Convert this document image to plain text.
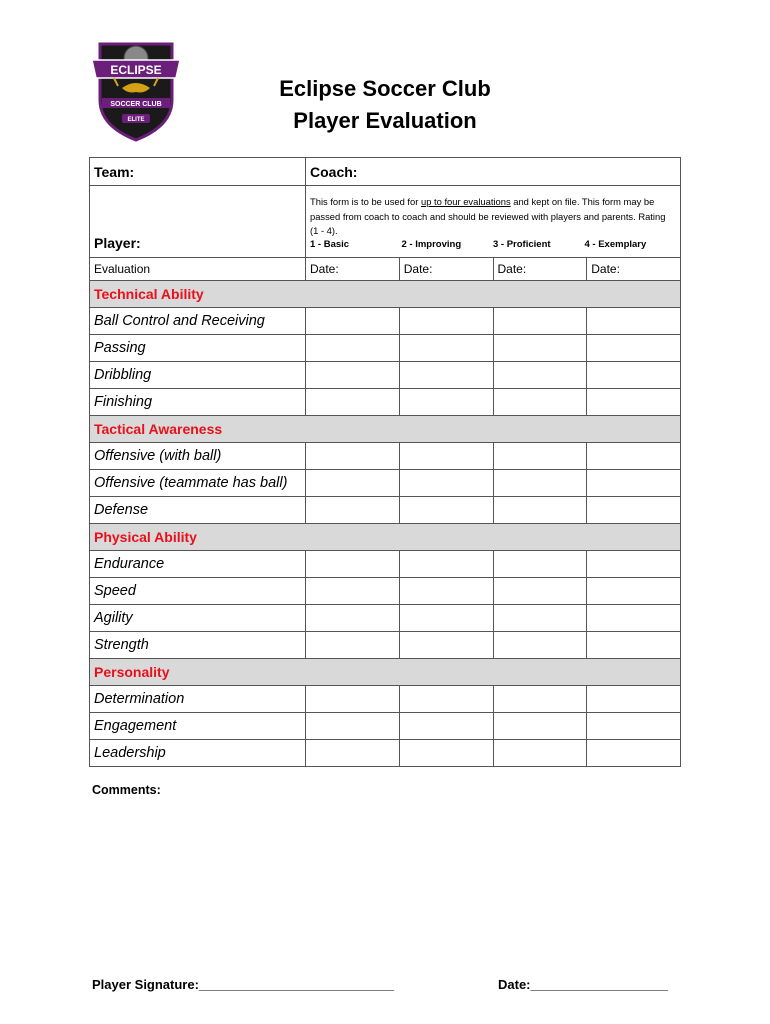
ECLIPSE
SOCCER CLUB
ELITE
Eclipse Soccer Club
Player Evaluation
Team:	Coach:			
Player:	This form is to be used for up to four evaluations and kept on file. This form may be passed from coach to coach and should be reviewed with players and parents. Rating (1 - 4).
1 - Basic 2 - Improving 3 - Proficient 4 - Exemplary			

Evaluation	Date:	Date:	Date:	Date:
Technical Ability				
Ball Control and Receiving				
Passing				
Dribbling				
Finishing				
Tactical Awareness				
Offensive (with ball)				
Offensive (teammate has ball)				
Defense				
Physical Ability				
Endurance				
Speed				
Agility				
Strength				
Personality				
Determination				
Engagement				
Leadership				
Comments:
Player Signature:___________________________	Date:___________________
